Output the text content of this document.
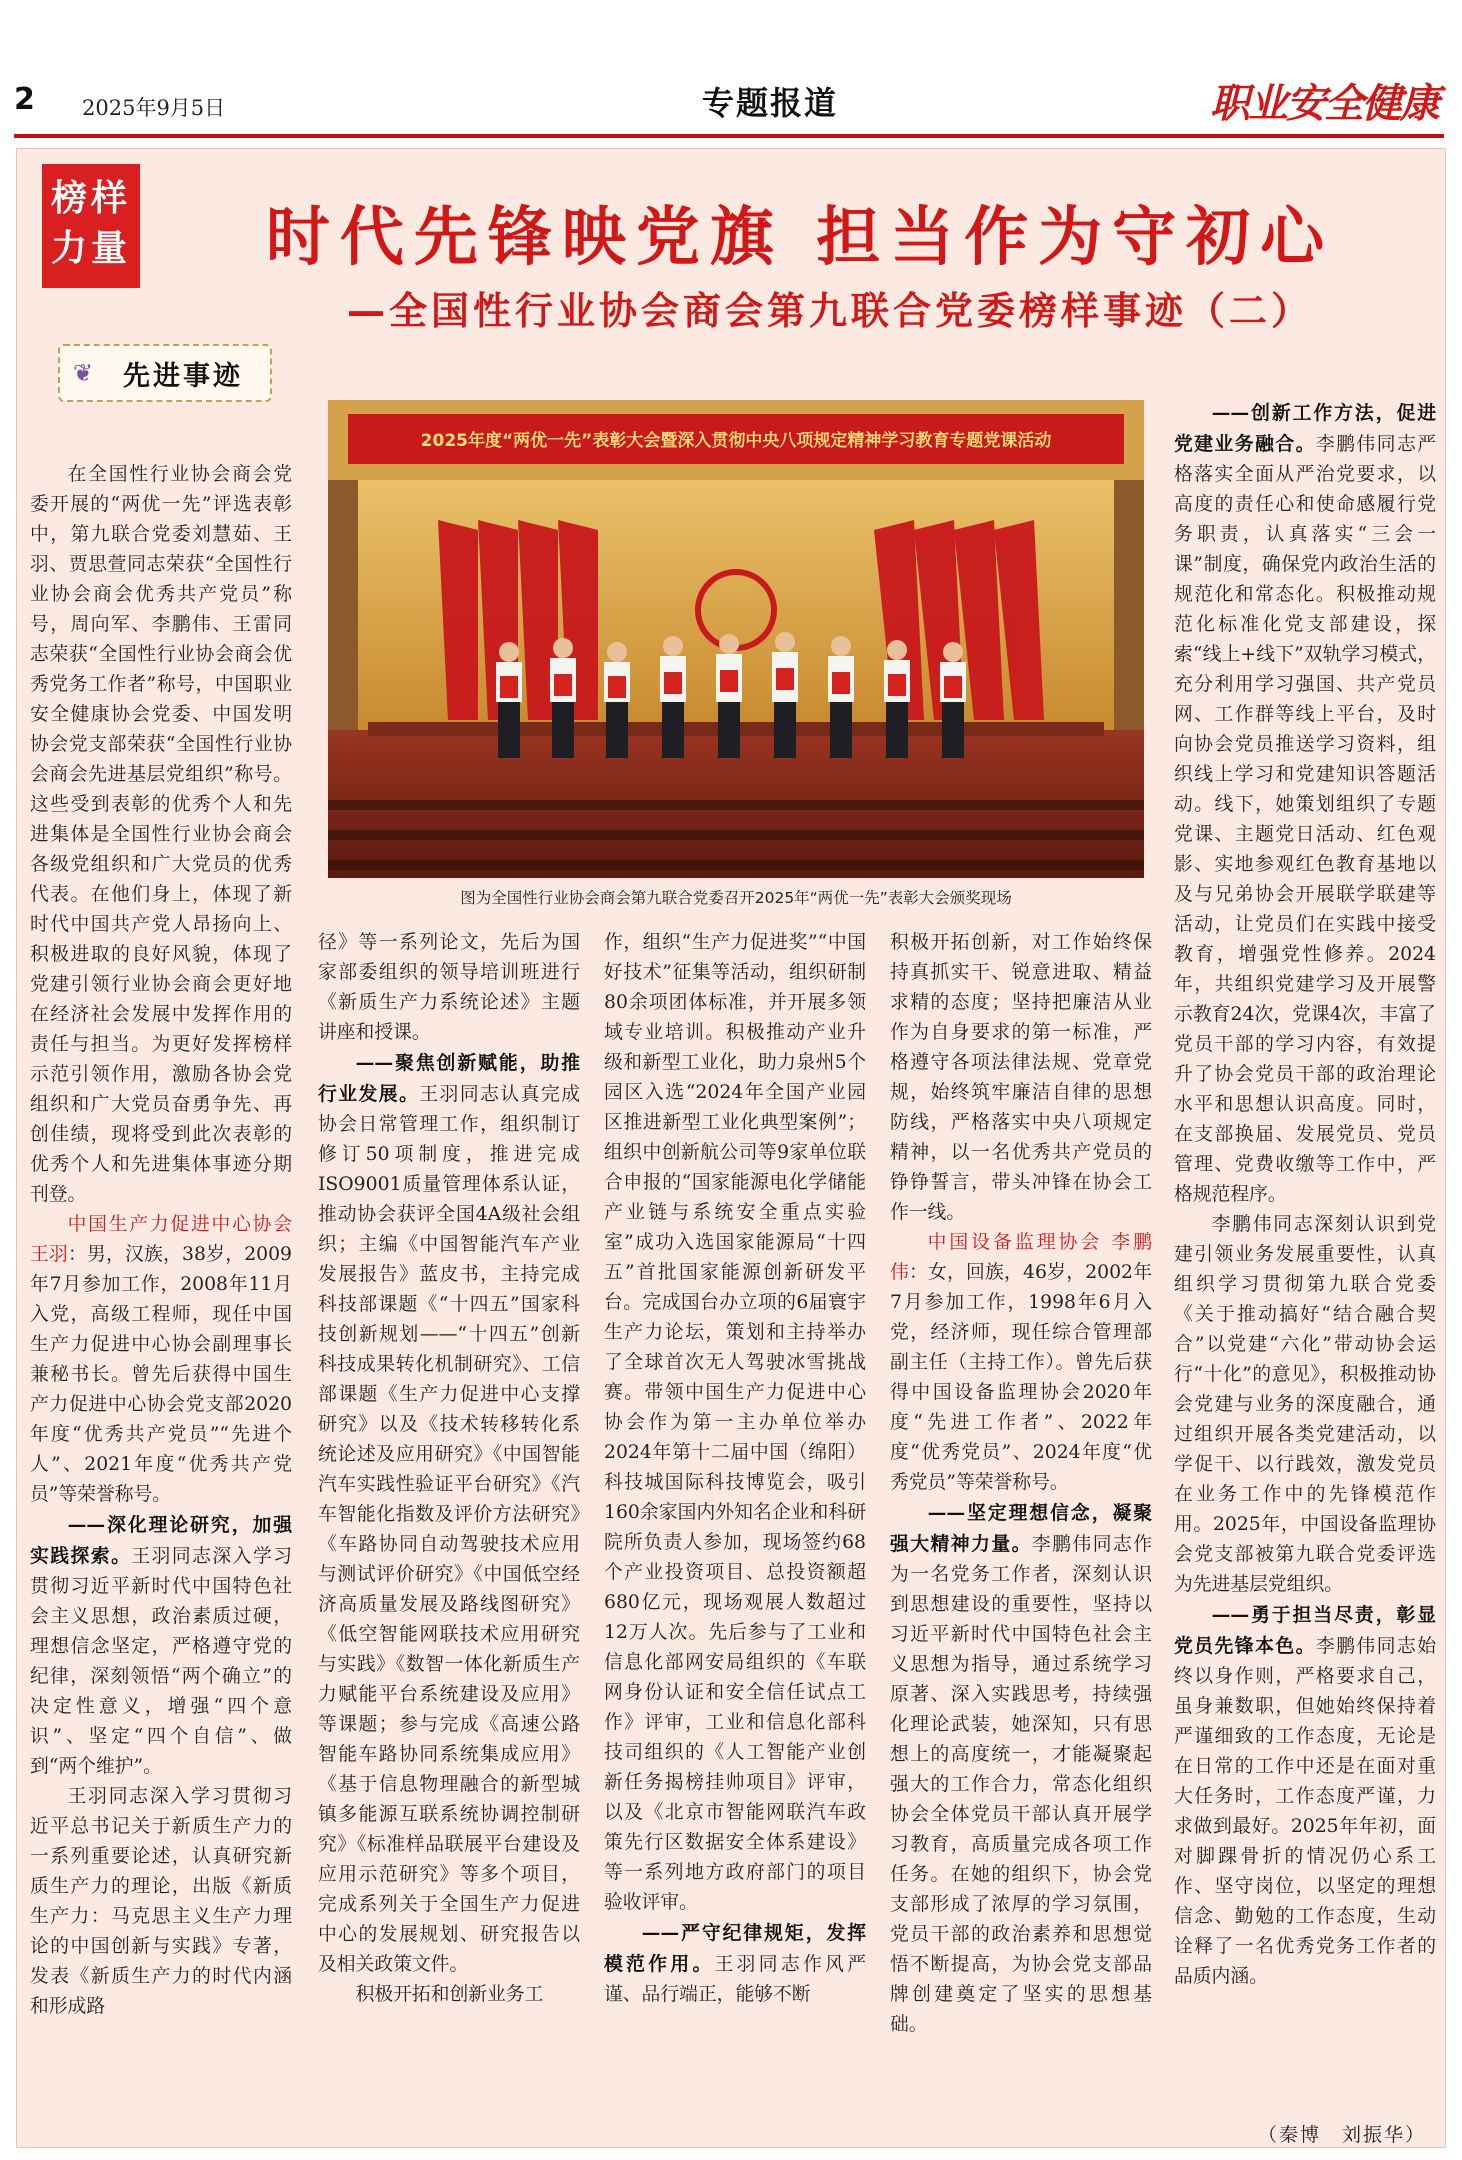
2 2025年9月5日	专题报道	职业安全健康
榜样
力量	时代先锋映党旗 担当作为守初心
—全国性行业协会商会第九联合党委榜样事迹（二）
❦	先进事迹
2025年度“两优一先”表彰大会暨深入贯彻中央八项规定精神学习教育专题党课活动
图为全国性行业协会商会第九联合党委召开2025年“两优一先”表彰大会颁奖现场

在全国性行业协会商会党委开展的“两优一先”评选表彰中，第九联合党委刘慧茹、王羽、贾思萱同志荣获“全国性行业协会商会优秀共产党员”称号，周向军、李鹏伟、王雷同志荣获“全国性行业协会商会优秀党务工作者”称号，中国职业安全健康协会党委、中国发明协会党支部荣获“全国性行业协会商会先进基层党组织”称号。这些受到表彰的优秀个人和先进集体是全国性行业协会商会各级党组织和广大党员的优秀代表。在他们身上，体现了新时代中国共产党人昂扬向上、积极进取的良好风貌，体现了党建引领行业协会商会更好地在经济社会发展中发挥作用的责任与担当。为更好发挥榜样示范引领作用，激励各协会党组织和广大党员奋勇争先、再创佳绩，现将受到此次表彰的优秀个人和先进集体事迹分期刊登。

中国生产力促进中心协会 王羽：男，汉族，38岁，2009年7月参加工作，2008年11月入党，高级工程师，现任中国生产力促进中心协会副理事长兼秘书长。曾先后获得中国生产力促进中心协会党支部2020年度“优秀共产党员”“先进个人”、2021年度“优秀共产党员”等荣誉称号。

——深化理论研究，加强实践探索。王羽同志深入学习贯彻习近平新时代中国特色社会主义思想，政治素质过硬，理想信念坚定，严格遵守党的纪律，深刻领悟“两个确立”的决定性意义，增强“四个意识”、坚定“四个自信”、做到“两个维护”。

王羽同志深入学习贯彻习近平总书记关于新质生产力的一系列重要论述，认真研究新质生产力的理论，出版《新质生产力：马克思主义生产力理论的中国创新与实践》专著，发表《新质生产力的时代内涵和形成路

径》等一系列论文，先后为国家部委组织的领导培训班进行《新质生产力系统论述》主题讲座和授课。

——聚焦创新赋能，助推行业发展。王羽同志认真完成协会日常管理工作，组织制订修订50项制度，推进完成ISO9001质量管理体系认证，推动协会获评全国4A级社会组织；主编《中国智能汽车产业发展报告》蓝皮书，主持完成科技部课题《“十四五”国家科技创新规划——“十四五”创新科技成果转化机制研究》、工信部课题《生产力促进中心支撑研究》以及《技术转移转化系统论述及应用研究》《中国智能汽车实践性验证平台研究》《汽车智能化指数及评价方法研究》《车路协同自动驾驶技术应用与测试评价研究》《中国低空经济高质量发展及路线图研究》《低空智能网联技术应用研究与实践》《数智一体化新质生产力赋能平台系统建设及应用》等课题；参与完成《高速公路智能车路协同系统集成应用》《基于信息物理融合的新型城镇多能源互联系统协调控制研究》《标准样品联展平台建设及应用示范研究》等多个项目，完成系列关于全国生产力促进中心的发展规划、研究报告以及相关政策文件。

积极开拓和创新业务工

作，组织“生产力促进奖”“中国好技术”征集等活动，组织研制80余项团体标准，并开展多领域专业培训。积极推动产业升级和新型工业化，助力泉州5个园区入选“2024年全国产业园区推进新型工业化典型案例”；组织中创新航公司等9家单位联合申报的“国家能源电化学储能产业链与系统安全重点实验室”成功入选国家能源局“十四五”首批国家能源创新研发平台。完成国台办立项的6届寰宇生产力论坛，策划和主持举办了全球首次无人驾驶冰雪挑战赛。带领中国生产力促进中心协会作为第一主办单位举办2024年第十二届中国（绵阳）科技城国际科技博览会，吸引160余家国内外知名企业和科研院所负责人参加，现场签约68个产业投资项目、总投资额超680亿元，现场观展人数超过12万人次。先后参与了工业和信息化部网安局组织的《车联网身份认证和安全信任试点工作》评审，工业和信息化部科技司组织的《人工智能产业创新任务揭榜挂帅项目》评审，以及《北京市智能网联汽车政策先行区数据安全体系建设》等一系列地方政府部门的项目验收评审。

——严守纪律规矩，发挥模范作用。王羽同志作风严谨、品行端正，能够不断

积极开拓创新，对工作始终保持真抓实干、锐意进取、精益求精的态度；坚持把廉洁从业作为自身要求的第一标准，严格遵守各项法律法规、党章党规，始终筑牢廉洁自律的思想防线，严格落实中央八项规定精神，以一名优秀共产党员的铮铮誓言，带头冲锋在协会工作一线。

中国设备监理协会 李鹏伟：女，回族，46岁，2002年7月参加工作，1998年6月入党，经济师，现任综合管理部副主任（主持工作）。曾先后获得中国设备监理协会2020年度“先进工作者”、2022年度“优秀党员”、2024年度“优秀党员”等荣誉称号。

——坚定理想信念，凝聚强大精神力量。李鹏伟同志作为一名党务工作者，深刻认识到思想建设的重要性，坚持以习近平新时代中国特色社会主义思想为指导，通过系统学习原著、深入实践思考，持续强化理论武装，她深知，只有思想上的高度统一，才能凝聚起强大的工作合力，常态化组织协会全体党员干部认真开展学习教育，高质量完成各项工作任务。在她的组织下，协会党支部形成了浓厚的学习氛围，党员干部的政治素养和思想觉悟不断提高，为协会党支部品牌创建奠定了坚实的思想基础。

——创新工作方法，促进党建业务融合。李鹏伟同志严格落实全面从严治党要求，以高度的责任心和使命感履行党务职责，认真落实“三会一课”制度，确保党内政治生活的规范化和常态化。积极推动规范化标准化党支部建设，探索“线上+线下”双轨学习模式，充分利用学习强国、共产党员网、工作群等线上平台，及时向协会党员推送学习资料，组织线上学习和党建知识答题活动。线下，她策划组织了专题党课、主题党日活动、红色观影、实地参观红色教育基地以及与兄弟协会开展联学联建等活动，让党员们在实践中接受教育，增强党性修养。2024年，共组织党建学习及开展警示教育24次，党课4次，丰富了党员干部的学习内容，有效提升了协会党员干部的政治理论水平和思想认识高度。同时，在支部换届、发展党员、党员管理、党费收缴等工作中，严格规范程序。

李鹏伟同志深刻认识到党建引领业务发展重要性，认真组织学习贯彻第九联合党委《关于推动搞好“结合融合契合”以党建“六化”带动协会运行“十化”的意见》，积极推动协会党建与业务的深度融合，通过组织开展各类党建活动，以学促干、以行践效，激发党员在业务工作中的先锋模范作用。2025年，中国设备监理协会党支部被第九联合党委评选为先进基层党组织。

——勇于担当尽责，彰显党员先锋本色。李鹏伟同志始终以身作则，严格要求自己，虽身兼数职，但她始终保持着严谨细致的工作态度，无论是在日常的工作中还是在面对重大任务时，工作态度严谨，力求做到最好。2025年年初，面对脚踝骨折的情况仍心系工作、坚守岗位，以坚定的理想信念、勤勉的工作态度，生动诠释了一名优秀党务工作者的品质内涵。

（秦博　刘振华）
